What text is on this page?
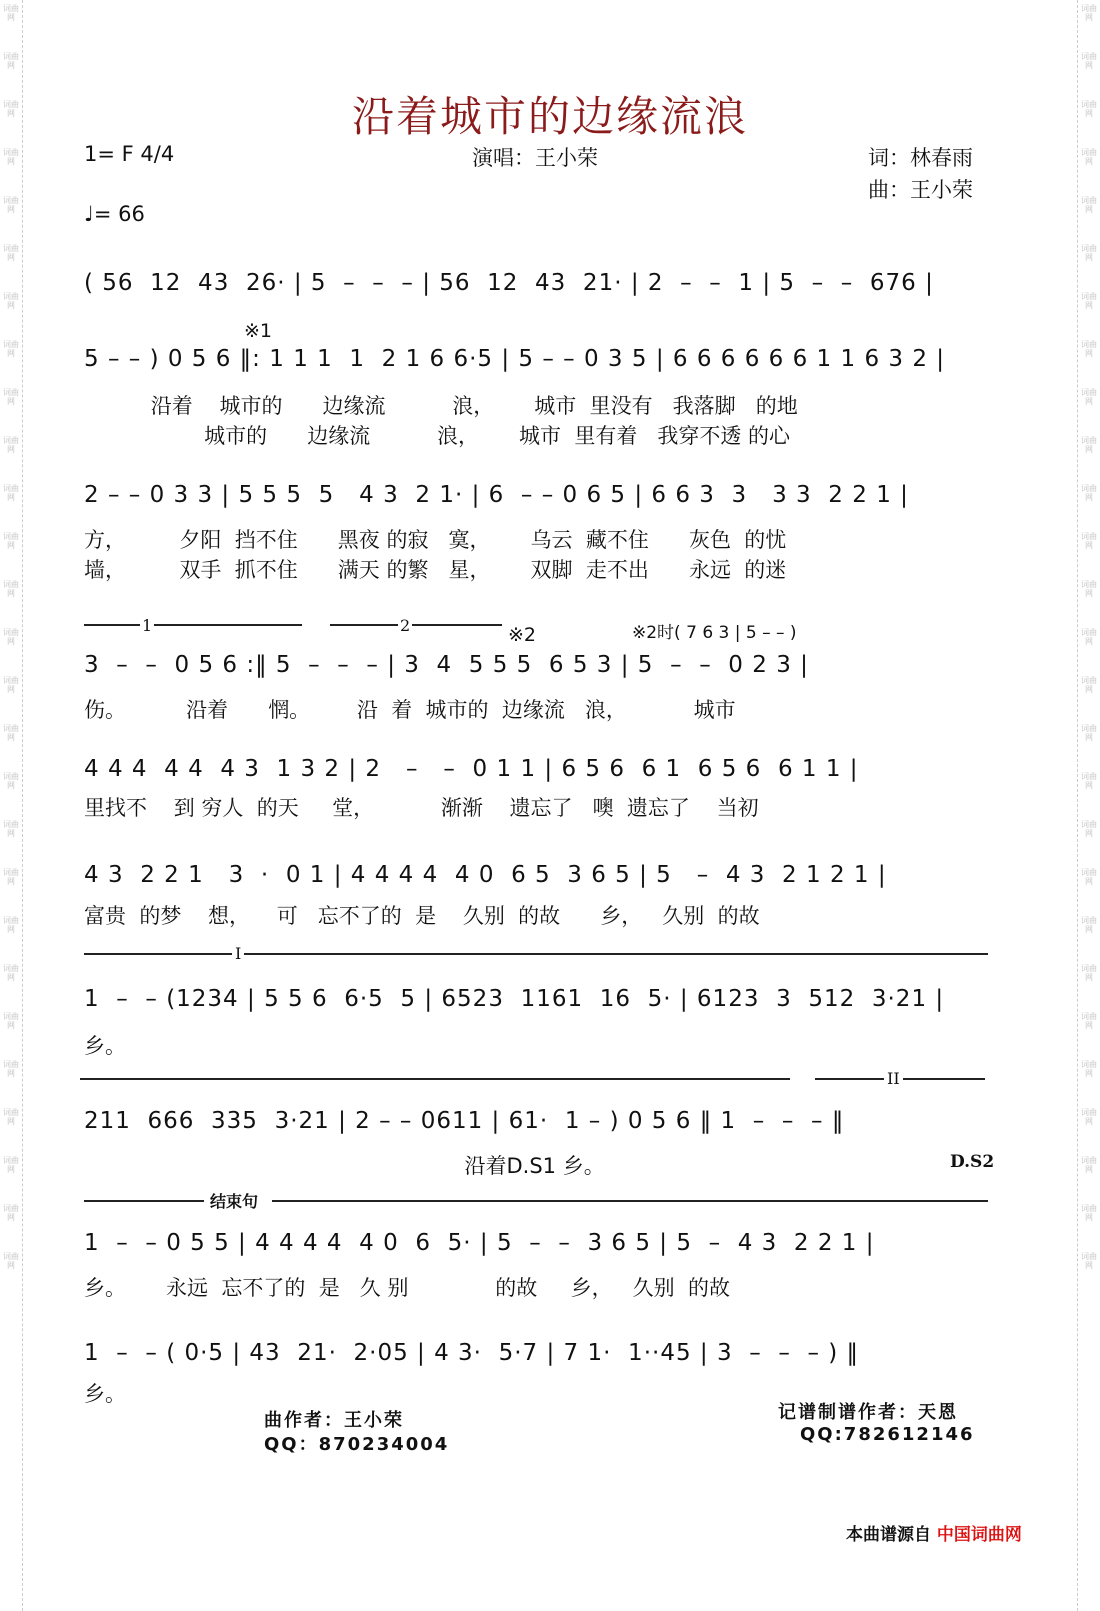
词曲网
词曲网
词曲网
词曲网
词曲网
词曲网
词曲网
词曲网
词曲网
词曲网
词曲网
词曲网
词曲网
词曲网
词曲网
词曲网
词曲网
词曲网
词曲网
词曲网
词曲网
词曲网
词曲网
词曲网
词曲网
词曲网
词曲网
词曲网
词曲网
词曲网
词曲网
词曲网
词曲网
词曲网
词曲网
词曲网
词曲网
词曲网
词曲网
词曲网
词曲网
词曲网
词曲网
词曲网
词曲网
词曲网
词曲网
词曲网
词曲网
词曲网
词曲网
词曲网
词曲网
词曲网
沿着城市的边缘流浪
1= F 4/4	演唱：王小荣	词：林春雨
曲：王小荣
♩= 66
( 56  12  43  26· | 5  –  –  – | 56  12  43  21· | 2  –  –  1 | 5  –  –  676 |
※1
5 – – ) 0 5 6 ‖: 1 1 1  1  2 1 6 6·5 | 5 – – 0 3 5 | 6 6 6 6 6 6 1 1 6 3 2 |
沿着    城市的      边缘流          浪，      城市  里没有   我落脚   的地
城市的      边缘流          浪，      城市  里有着   我穿不透 的心
2 – – 0 3 3 | 5 5 5  5   4 3  2 1· | 6  – – 0 6 5 | 6 6 3  3   3 3  2 2 1 |
方，        夕阳  挡不住      黑夜 的寂   寞，      乌云  藏不住      灰色  的忧
墙，        双手  抓不住      满天 的繁   星，      双脚  走不出      永远  的迷
1	2	※2	※2时( 7 6 3 | 5 – – )
3  –  –  0 5 6 :‖ 5  –  –  – | 3  4  5 5 5  6 5 3 | 5  –  –  0 2 3 |
伤。         沿着      惘。       沿  着  城市的  边缘流   浪，          城市
4 4 4  4 4  4 3  1 3 2 | 2   –   –  0 1 1 | 6 5 6  6 1  6 5 6  6 1 1 |
里找不    到 穷人  的天     堂，          渐渐    遗忘了   噢  遗忘了    当初
4 3  2 2 1   3  ·  0 1 | 4 4 4 4  4 0  6 5  3 6 5 | 5   –  4 3  2 1 2 1 |
富贵  的梦    想，    可   忘不了的  是    久别  的故      乡，   久别  的故
I
1  –  – (1234 | 5 5 6  6·5  5 | 6523  1161  16  5· | 6123  3  512  3·21 |
乡。
II
211  666  335  3·21 | 2 – – 0611 | 61·  1 – ) 0 5 6 ‖ 1  –  –  – ‖
沿着D.S1 乡。	D.S2
结束句
1  –  – 0 5 5 | 4 4 4 4  4 0  6  5· | 5  –  –  3 6 5 | 5  –  4 3  2 2 1 |
乡。      永远  忘不了的  是   久 别             的故     乡，   久别  的故
1  –  – ( 0·5 | 43  21·  2·05 | 4 3·  5·7 | 7 1·  1··45 | 3  –  –  – ) ‖
乡。
曲作者：王小荣
QQ：870234004
记谱制谱作者：天恩
QQ:782612146
本曲谱源自 中国词曲网
